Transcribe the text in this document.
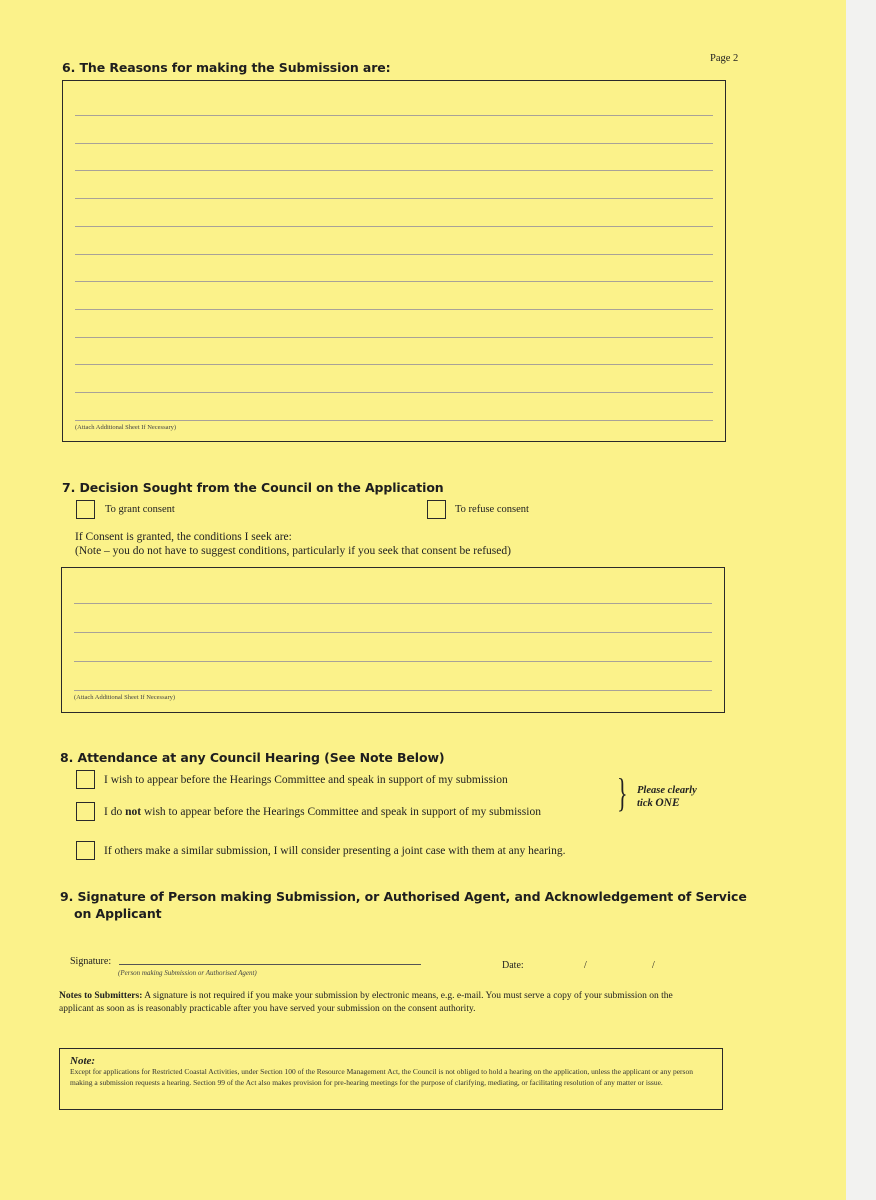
Page 2
6. The Reasons for making the Submission are:
(Attach Additional Sheet If Necessary)
7. Decision Sought from the Council on the Application
To grant consent	To refuse consent
If Consent is granted, the conditions I seek are:
(Note – you do not have to suggest conditions, particularly if you seek that consent be refused)
(Attach Additional Sheet If Necessary)
8. Attendance at any Council Hearing (See Note Below)
I wish to appear before the Hearings Committee and speak in support of my submission
I do not wish to appear before the Hearings Committee and speak in support of my submission } Please clearly
tick ONE
If others make a similar submission, I will consider presenting a joint case with them at any hearing.
9. Signature of Person making Submission, or Authorised Agent, and Acknowledgement of Service
on Applicant
Signature:
(Person making Submission or Authorised Agent)
Date:	/	/
Notes to Submitters: A signature is not required if you make your submission by electronic means, e.g. e-mail. You must serve a copy of your submission on the applicant as soon as is reasonably practicable after you have served your submission on the consent authority.
Note:
Except for applications for Restricted Coastal Activities, under Section 100 of the Resource Management Act, the Council is not obliged to hold a hearing on the application, unless the applicant or any person making a submission requests a hearing. Section 99 of the Act also makes provision for pre-hearing meetings for the purpose of clarifying, mediating, or facilitating resolution of any matter or issue.
